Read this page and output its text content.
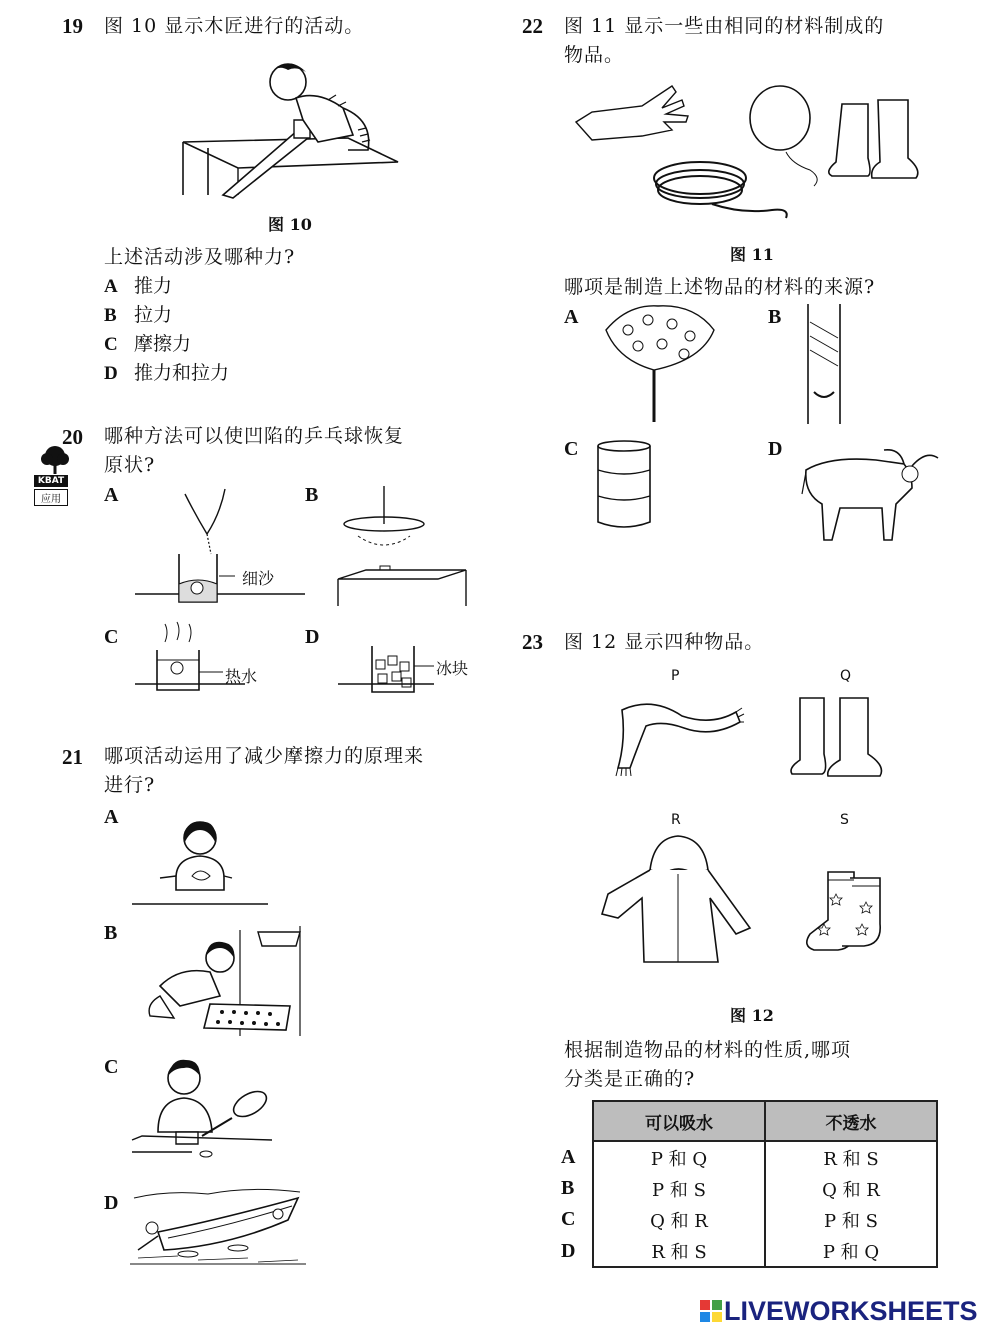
19 图 10 显示木匠进行的活动。
图 10
上述活动涉及哪种力?
A 推力
B 拉力
C 摩擦力
D 推力和拉力
20 哪种方法可以使凹陷的乒乓球恢复
原状?
KBAT
应用	A
细沙
B
C
热水
D
冰块
21 哪项活动运用了减少摩擦力的原理来
进行?
A
B
C
D
22 图 11 显示一些由相同的材料制成的
物品。
图 11
哪项是制造上述物品的材料的来源?
A	B
C	D
23 图 12 显示四种物品。
P	Q
R	S
图 12
根据制造物品的材料的性质,哪项
分类是正确的?
	可以吸水	不透水
A	P 和 Q	R 和 S
B	P 和 S	Q 和 R
C	Q 和 R	P 和 S
D	R 和 S	P 和 Q
LIVEWORKSHEETS
